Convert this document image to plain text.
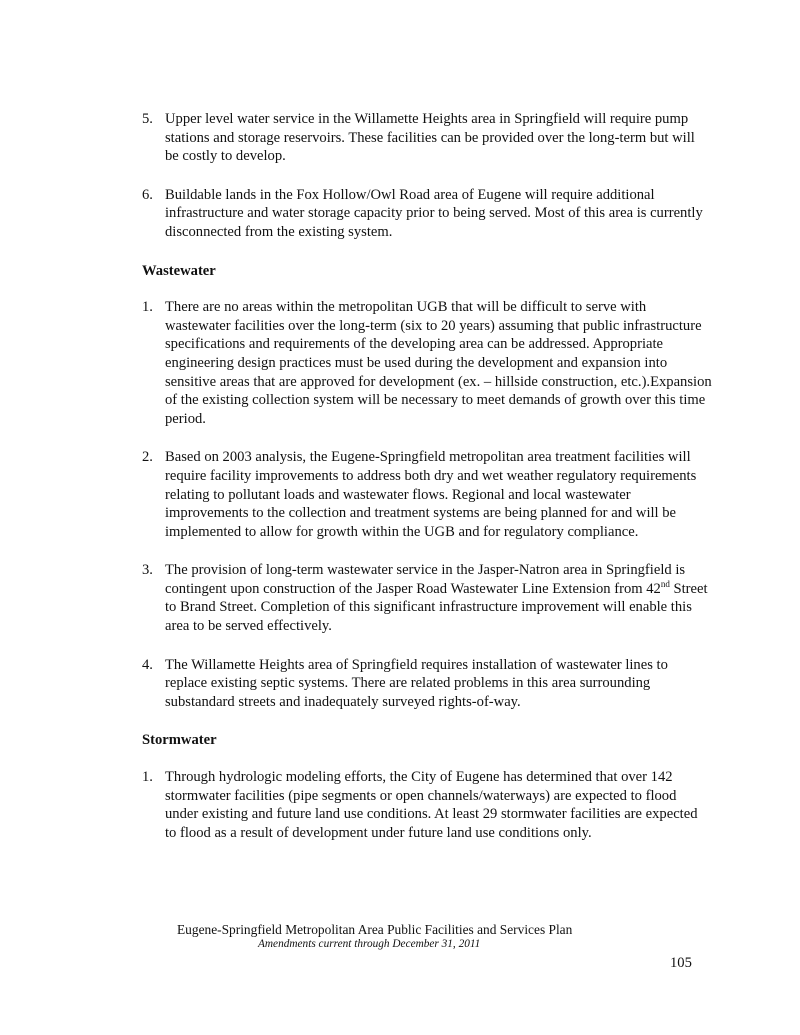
5. Upper level water service in the Willamette Heights area in Springfield will require pump stations and storage reservoirs. These facilities can be provided over the long-term but will be costly to develop.
6. Buildable lands in the Fox Hollow/Owl Road area of Eugene will require additional infrastructure and water storage capacity prior to being served. Most of this area is currently disconnected from the existing system.
Wastewater
1. There are no areas within the metropolitan UGB that will be difficult to serve with wastewater facilities over the long-term (six to 20 years) assuming that public infrastructure specifications and requirements of the developing area can be addressed. Appropriate engineering design practices must be used during the development and expansion into sensitive areas that are approved for development (ex. – hillside construction, etc.).Expansion of the existing collection system will be necessary to meet demands of growth over this time period.
2. Based on 2003 analysis, the Eugene-Springfield metropolitan area treatment facilities will require facility improvements to address both dry and wet weather regulatory requirements relating to pollutant loads and wastewater flows. Regional and local wastewater improvements to the collection and treatment systems are being planned for and will be implemented to allow for growth within the UGB and for regulatory compliance.
3. The provision of long-term wastewater service in the Jasper-Natron area in Springfield is contingent upon construction of the Jasper Road Wastewater Line Extension from 42nd Street to Brand Street. Completion of this significant infrastructure improvement will enable this area to be served effectively.
4. The Willamette Heights area of Springfield requires installation of wastewater lines to replace existing septic systems. There are related problems in this area surrounding substandard streets and inadequately surveyed rights-of-way.
Stormwater
1. Through hydrologic modeling efforts, the City of Eugene has determined that over 142 stormwater facilities (pipe segments or open channels/waterways) are expected to flood under existing and future land use conditions. At least 29 stormwater facilities are expected to flood as a result of development under future land use conditions only.
Eugene-Springfield Metropolitan Area Public Facilities and Services Plan
Amendments current through December 31, 2011
105
